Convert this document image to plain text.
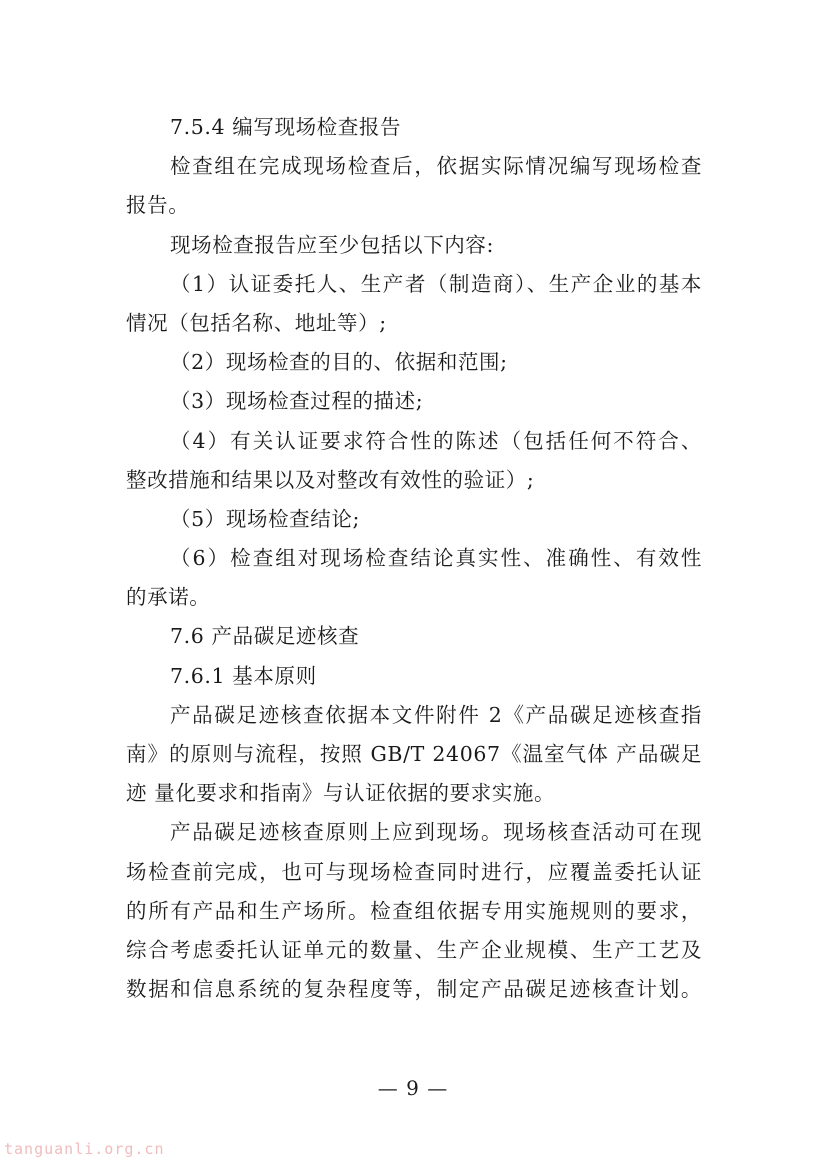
7.5.4 编写现场检查报告
检查组在完成现场检查后，依据实际情况编写现场检查
报告。
现场检查报告应至少包括以下内容:
（1）认证委托人、生产者（制造商）、生产企业的基本
情况（包括名称、地址等）;
（2）现场检查的目的、依据和范围;
（3）现场检查过程的描述;
（4）有关认证要求符合性的陈述（包括任何不符合、
整改措施和结果以及对整改有效性的验证）;
（5）现场检查结论;
（6）检查组对现场检查结论真实性、准确性、有效性
的承诺。
7.6 产品碳足迹核查
7.6.1 基本原则
产品碳足迹核查依据本文件附件 2《产品碳足迹核查指
南》的原则与流程，按照 GB/T 24067《温室气体 产品碳足
迹 量化要求和指南》与认证依据的要求实施。
产品碳足迹核查原则上应到现场。现场核查活动可在现
场检查前完成，也可与现场检查同时进行，应覆盖委托认证
的所有产品和生产场所。检查组依据专用实施规则的要求，
综合考虑委托认证单元的数量、生产企业规模、生产工艺及
数据和信息系统的复杂程度等，制定产品碳足迹核查计划。
— 9 —
tanguanli.org.cn
